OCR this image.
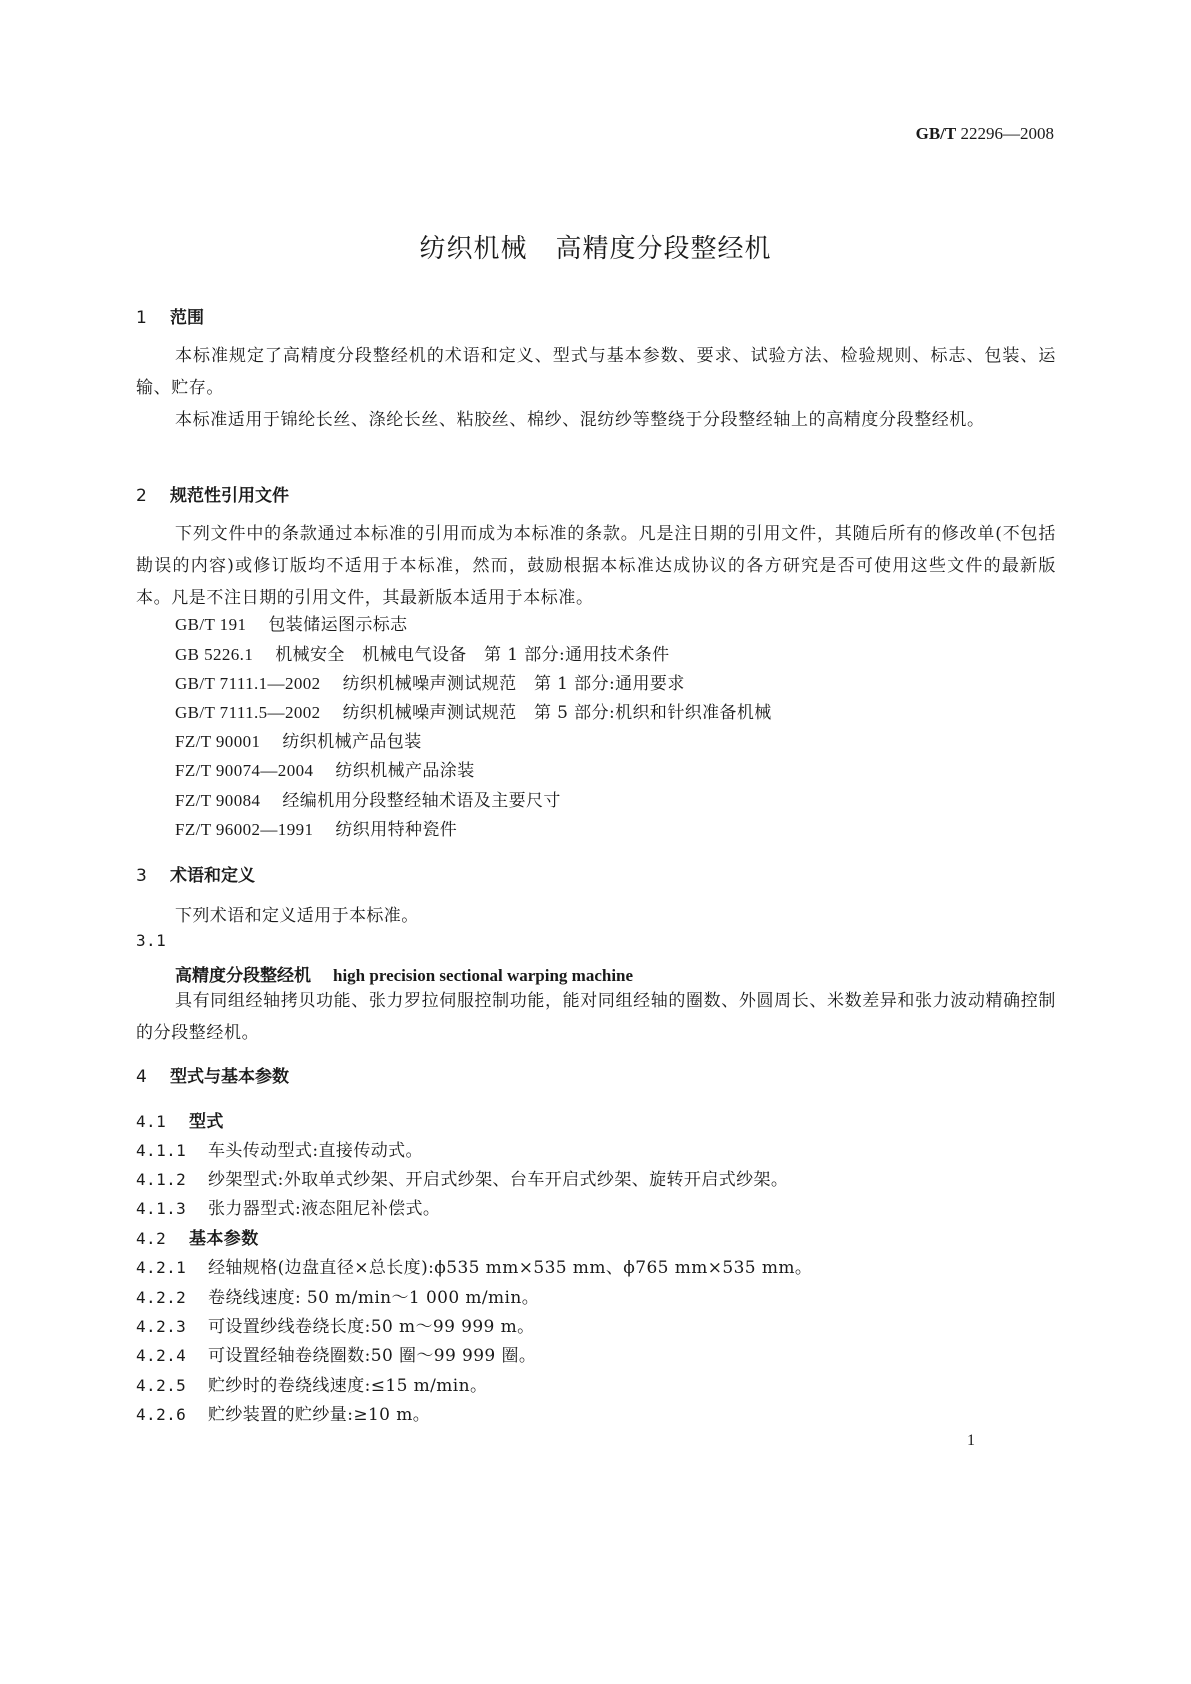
GB/T 22296—2008
纺织机械 高精度分段整经机
1 范围
本标准规定了高精度分段整经机的术语和定义、型式与基本参数、要求、试验方法、检验规则、标志、包装、运输、贮存。
本标准适用于锦纶长丝、涤纶长丝、粘胶丝、棉纱、混纺纱等整绕于分段整经轴上的高精度分段整经机。
2 规范性引用文件
下列文件中的条款通过本标准的引用而成为本标准的条款。凡是注日期的引用文件，其随后所有的修改单(不包括勘误的内容)或修订版均不适用于本标准，然而，鼓励根据本标准达成协议的各方研究是否可使用这些文件的最新版本。凡是不注日期的引用文件，其最新版本适用于本标准。
GB/T 191 包装储运图示标志
GB 5226.1 机械安全　机械电气设备　第 1 部分:通用技术条件
GB/T 7111.1—2002 纺织机械噪声测试规范　第 1 部分:通用要求
GB/T 7111.5—2002 纺织机械噪声测试规范　第 5 部分:机织和针织准备机械
FZ/T 90001 纺织机械产品包装
FZ/T 90074—2004 纺织机械产品涂装
FZ/T 90084 经编机用分段整经轴术语及主要尺寸
FZ/T 96002—1991 纺织用特种瓷件
3 术语和定义
下列术语和定义适用于本标准。
3.1
高精度分段整经机 high precision sectional warping machine
具有同组经轴拷贝功能、张力罗拉伺服控制功能，能对同组经轴的圈数、外圆周长、米数差异和张力波动精确控制的分段整经机。
4 型式与基本参数
4.1 型式
4.1.1 车头传动型式:直接传动式。
4.1.2 纱架型式:外取单式纱架、开启式纱架、台车开启式纱架、旋转开启式纱架。
4.1.3 张力器型式:液态阻尼补偿式。
4.2 基本参数
4.2.1 经轴规格(边盘直径×总长度):ϕ535 mm×535 mm、ϕ765 mm×535 mm。
4.2.2 卷绕线速度: 50 m/min～1 000 m/min。
4.2.3 可设置纱线卷绕长度:50 m～99 999 m。
4.2.4 可设置经轴卷绕圈数:50 圈～99 999 圈。
4.2.5 贮纱时的卷绕线速度:≤15 m/min。
4.2.6 贮纱装置的贮纱量:≥10 m。
1
